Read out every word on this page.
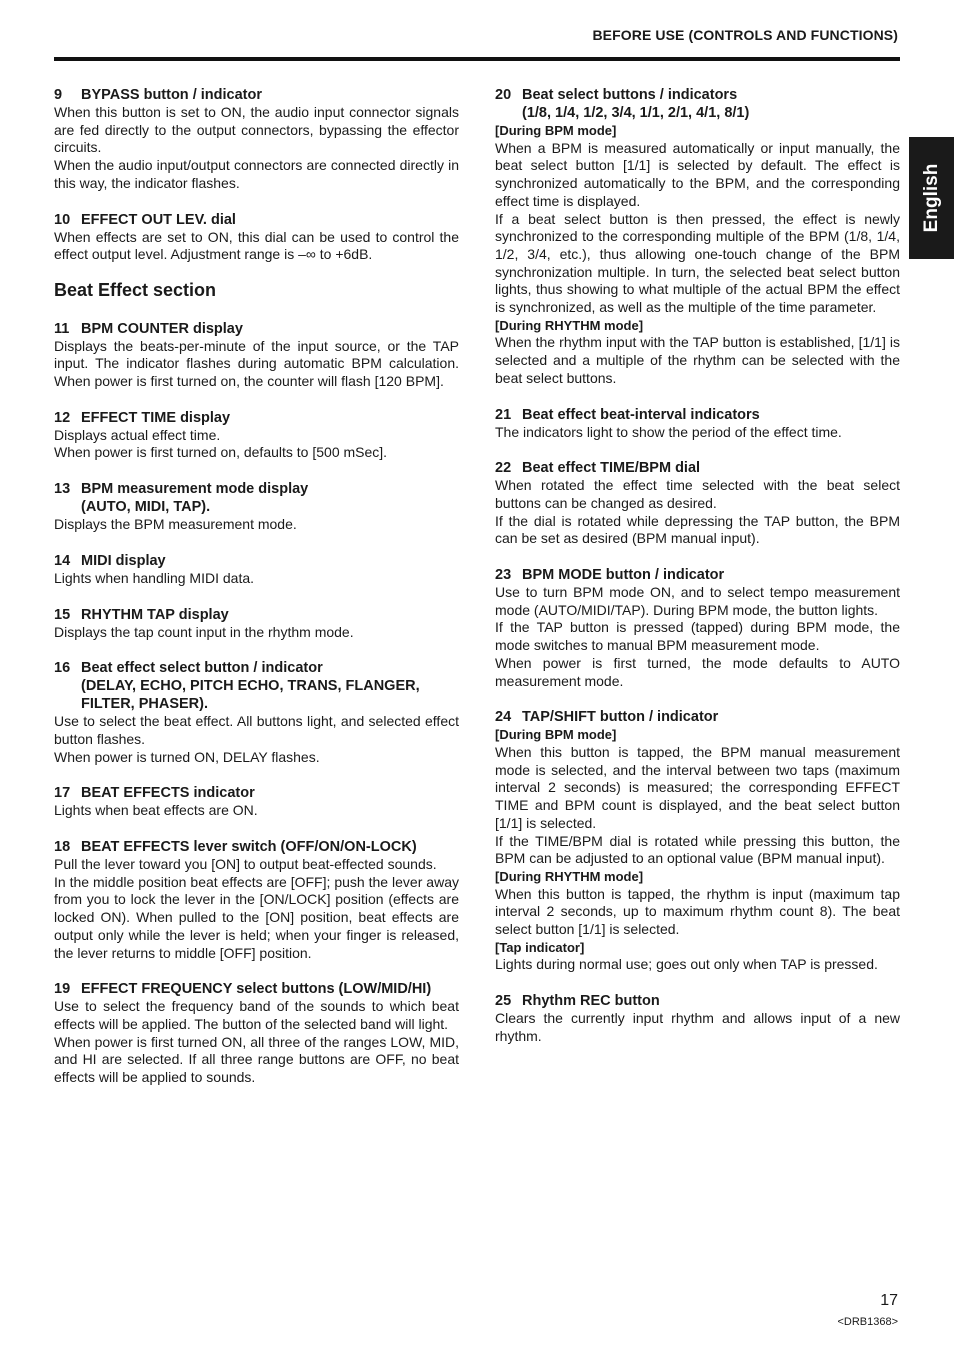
BEFORE USE (CONTROLS AND FUNCTIONS)
English
9 BYPASS button / indicator

When this button is set to ON, the audio input connector signals are fed directly to the output connectors, bypassing the effector circuits.

When the audio input/output connectors are connected directly in this way, the indicator flashes.

10 EFFECT OUT LEV. dial

When effects are set to ON, this dial can be used to control the effect output level. Adjustment range is –∞ to +6dB.

Beat Effect section
11 BPM COUNTER display

Displays the beats-per-minute of the input source, or the TAP input. The indicator flashes during automatic BPM calculation. When power is first turned on, the counter will flash [120 BPM].

12 EFFECT TIME display

Displays actual effect time.

When power is first turned on, defaults to [500 mSec].

13 BPM measurement mode display
(AUTO, MIDI, TAP).

Displays the BPM measurement mode.

14 MIDI display

Lights when handling MIDI data.

15 RHYTHM TAP display

Displays the tap count input in the rhythm mode.

16 Beat effect select button / indicator
(DELAY, ECHO, PITCH ECHO, TRANS, FLANGER, FILTER, PHASER).

Use to select the beat effect. All buttons light, and selected effect button flashes.

When power is turned ON, DELAY flashes.

17 BEAT EFFECTS indicator

Lights when beat effects are ON.

18 BEAT EFFECTS lever switch (OFF/ON/ON-LOCK)

Pull the lever toward you [ON] to output beat-effected sounds.

In the middle position beat effects are [OFF]; push the lever away from you to lock the lever in the [ON/LOCK] position (effects are locked ON). When pulled to the [ON] position, beat effects are output only while the lever is held; when your finger is released, the lever returns to middle [OFF] position.

19 EFFECT FREQUENCY select buttons (LOW/MID/HI)

Use to select the frequency band of the sounds to which beat effects will be applied. The button of the selected band will light.

When power is first turned ON, all three of the ranges LOW, MID, and HI are selected. If all three range buttons are OFF, no beat effects will be applied to sounds.

20 Beat select buttons / indicators
(1/8, 1/4, 1/2, 3/4, 1/1, 2/1, 4/1, 8/1)
[During BPM mode]

When a BPM is measured automatically or input manually, the beat select button [1/1] is selected by default. The effect is synchronized automatically to the BPM, and the corresponding effect time is displayed.

If a beat select button is then pressed, the effect is newly synchronized to the corresponding multiple of the BPM (1/8, 1/4, 1/2, 3/4, etc.), thus allowing one-touch change of the BPM synchronization multiple. In turn, the selected beat select button lights, thus showing to what multiple of the actual BPM the effect is synchronized, as well as the multiple of the time parameter.

[During RHYTHM mode]

When the rhythm input with the TAP button is established, [1/1] is selected and a multiple of the rhythm can be selected with the beat select buttons.

21 Beat effect beat-interval indicators

The indicators light to show the period of the effect time.

22 Beat effect TIME/BPM dial

When rotated the effect time selected with the beat select buttons can be changed as desired.

If the dial is rotated while depressing the TAP button, the BPM can be set as desired (BPM manual input).

23 BPM MODE button / indicator

Use to turn BPM mode ON, and to select tempo measurement mode (AUTO/MIDI/TAP). During BPM mode, the button lights.

If the TAP button is pressed (tapped) during BPM mode, the mode switches to manual BPM measurement mode.

When power is first turned, the mode defaults to AUTO measurement mode.

24 TAP/SHIFT button / indicator
[During BPM mode]

When this button is tapped, the BPM manual measurement mode is selected, and the interval between two taps (maximum interval 2 seconds) is measured; the corresponding EFFECT TIME and BPM count is displayed, and the beat select button [1/1] is selected.

If the TIME/BPM dial is rotated while pressing this button, the BPM can be adjusted to an optional value (BPM manual input).

[During RHYTHM mode]

When this button is tapped, the rhythm is input (maximum tap interval 2 seconds, up to maximum rhythm count 8). The beat select button [1/1] is selected.

[Tap indicator]

Lights during normal use; goes out only when TAP is pressed.

25 Rhythm REC button

Clears the currently input rhythm and allows input of a new rhythm.

17
<DRB1368>
